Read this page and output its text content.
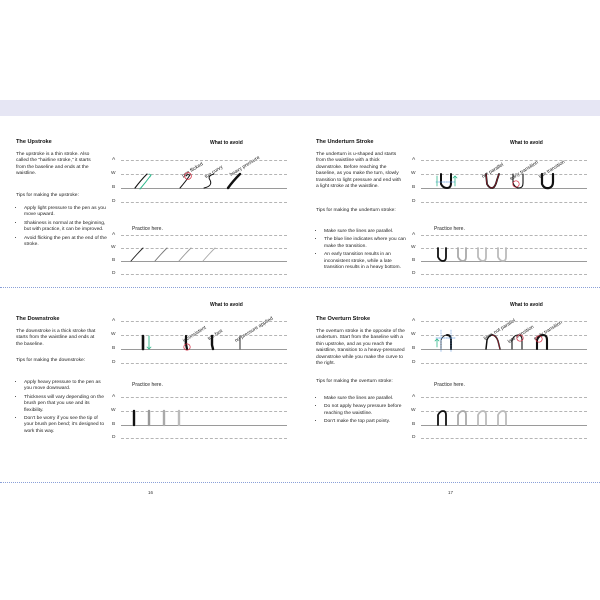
The Upstroke

The upstroke is a thin stroke. Also called the "hairline stroke," it starts from the baseline and ends at the waistline.

Tips for making the upstroke:

• Apply light pressure to the pen as you move upward.
• Shakiness is normal at the beginning, but with practice, it can be improved.
• Avoid flicking the pen at the end of the stroke.
What to avoid
pen flicked too curvy heavy pressure
A
W
B
D
Practice here.
A
W
B
D
The Downstroke

The downstroke is a thick stroke that starts from the waistline and ends at the baseline.

Tips for making the downstroke:

• Apply heavy pressure to the pen as you move downward.
• Thickness will vary depending on the brush pen that you use and its flexibility.
• Don't be worry if you see the tip of your brush pen bend; it's designed to work this way.
What to avoid
inconsistent too fast no pressure applied
A
W
B
D
Practice here.
A
W
B
D
The Underturn Stroke

The underturn is u-shaped and starts from the waistline with a thick downstroke. Before reaching the baseline, as you make the turn, slowly transition to light pressure and end with a light stroke at the waistline.

Tips for making the underturn stroke:

• Make sure the lines are parallel.
• The blue line indicates where you can make the transition.
• An early transition results in an inconsistent stroke, while a late transition results in a heavy bottom.
What to avoid
not parallel early transition
late transition
A
W
B
D
Practice here.
A
W
B
D
The Overturn Stroke

The overturn stroke is the opposite of the underturn. Start from the baseline with a thin upstroke, and as you reach the waistline, transition to a heavy-pressured downstroke while you make the curve to the right.

Tips for making the overturn stroke:

• Make sure the lines are parallel.
• Do not apply heavy pressure before reaching the waistline.
• Don't make the top part pointy.
What to avoid
lines not parallel
late transition
early transition
A
W
B
D
Practice here.
A
W
B
D
16	17
